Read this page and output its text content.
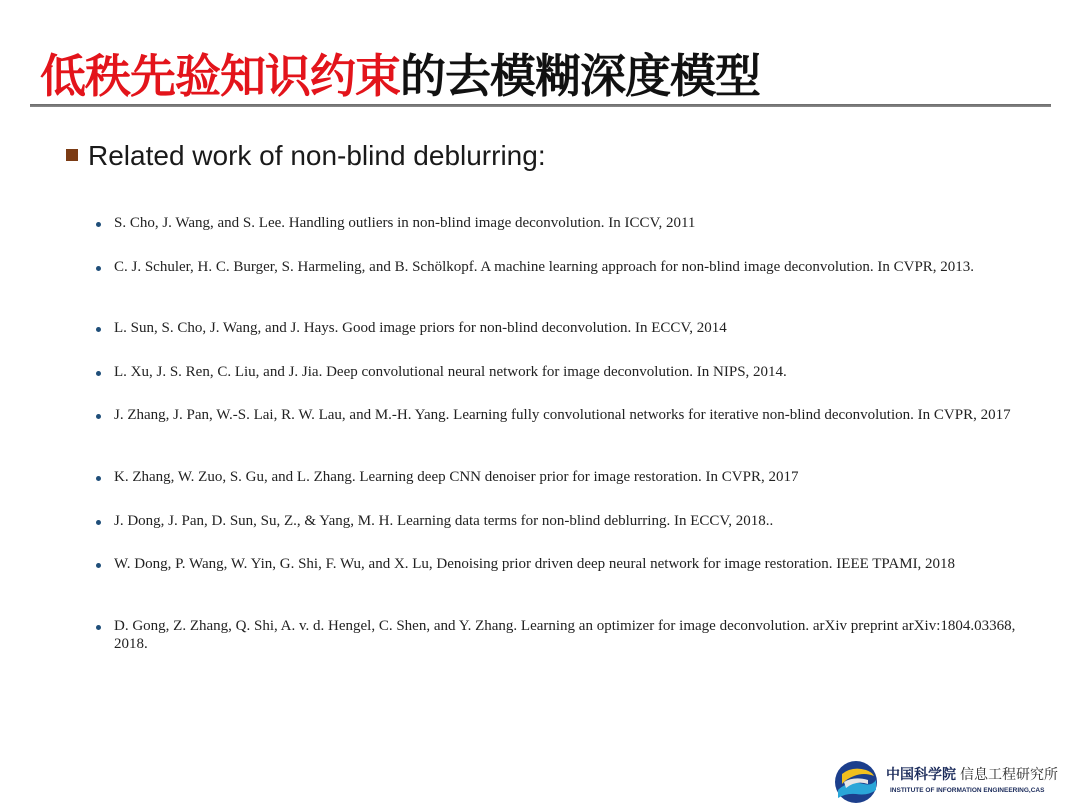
低秩先验知识约束的去模糊深度模型
Related work of non-blind deblurring:
S. Cho, J. Wang, and S. Lee. Handling outliers in non-blind image deconvolution. In ICCV, 2011
C. J. Schuler, H. C. Burger, S. Harmeling, and B. Schölkopf. A machine learning approach for non-blind image deconvolution. In CVPR, 2013.
L. Sun, S. Cho, J. Wang, and J. Hays. Good image priors for non-blind deconvolution. In ECCV, 2014
L. Xu, J. S. Ren, C. Liu, and J. Jia. Deep convolutional neural network for image deconvolution. In NIPS, 2014.
J. Zhang, J. Pan, W.-S. Lai, R. W. Lau, and M.-H. Yang. Learning fully convolutional networks for iterative non-blind deconvolution. In CVPR, 2017
K. Zhang, W. Zuo, S. Gu, and L. Zhang. Learning deep CNN denoiser prior for image restoration. In CVPR, 2017
J. Dong, J. Pan, D. Sun, Su, Z., & Yang, M. H. Learning data terms for non-blind deblurring. In ECCV, 2018..
W. Dong, P. Wang, W. Yin, G. Shi, F. Wu, and X. Lu, Denoising prior driven deep neural network for image restoration. IEEE TPAMI, 2018
D. Gong, Z. Zhang, Q. Shi, A. v. d. Hengel, C. Shen, and Y. Zhang. Learning an optimizer for image deconvolution. arXiv preprint arXiv:1804.03368, 2018.
中国科学院 信息工程研究所
INSTITUTE OF INFORMATION ENGINEERING,CAS
